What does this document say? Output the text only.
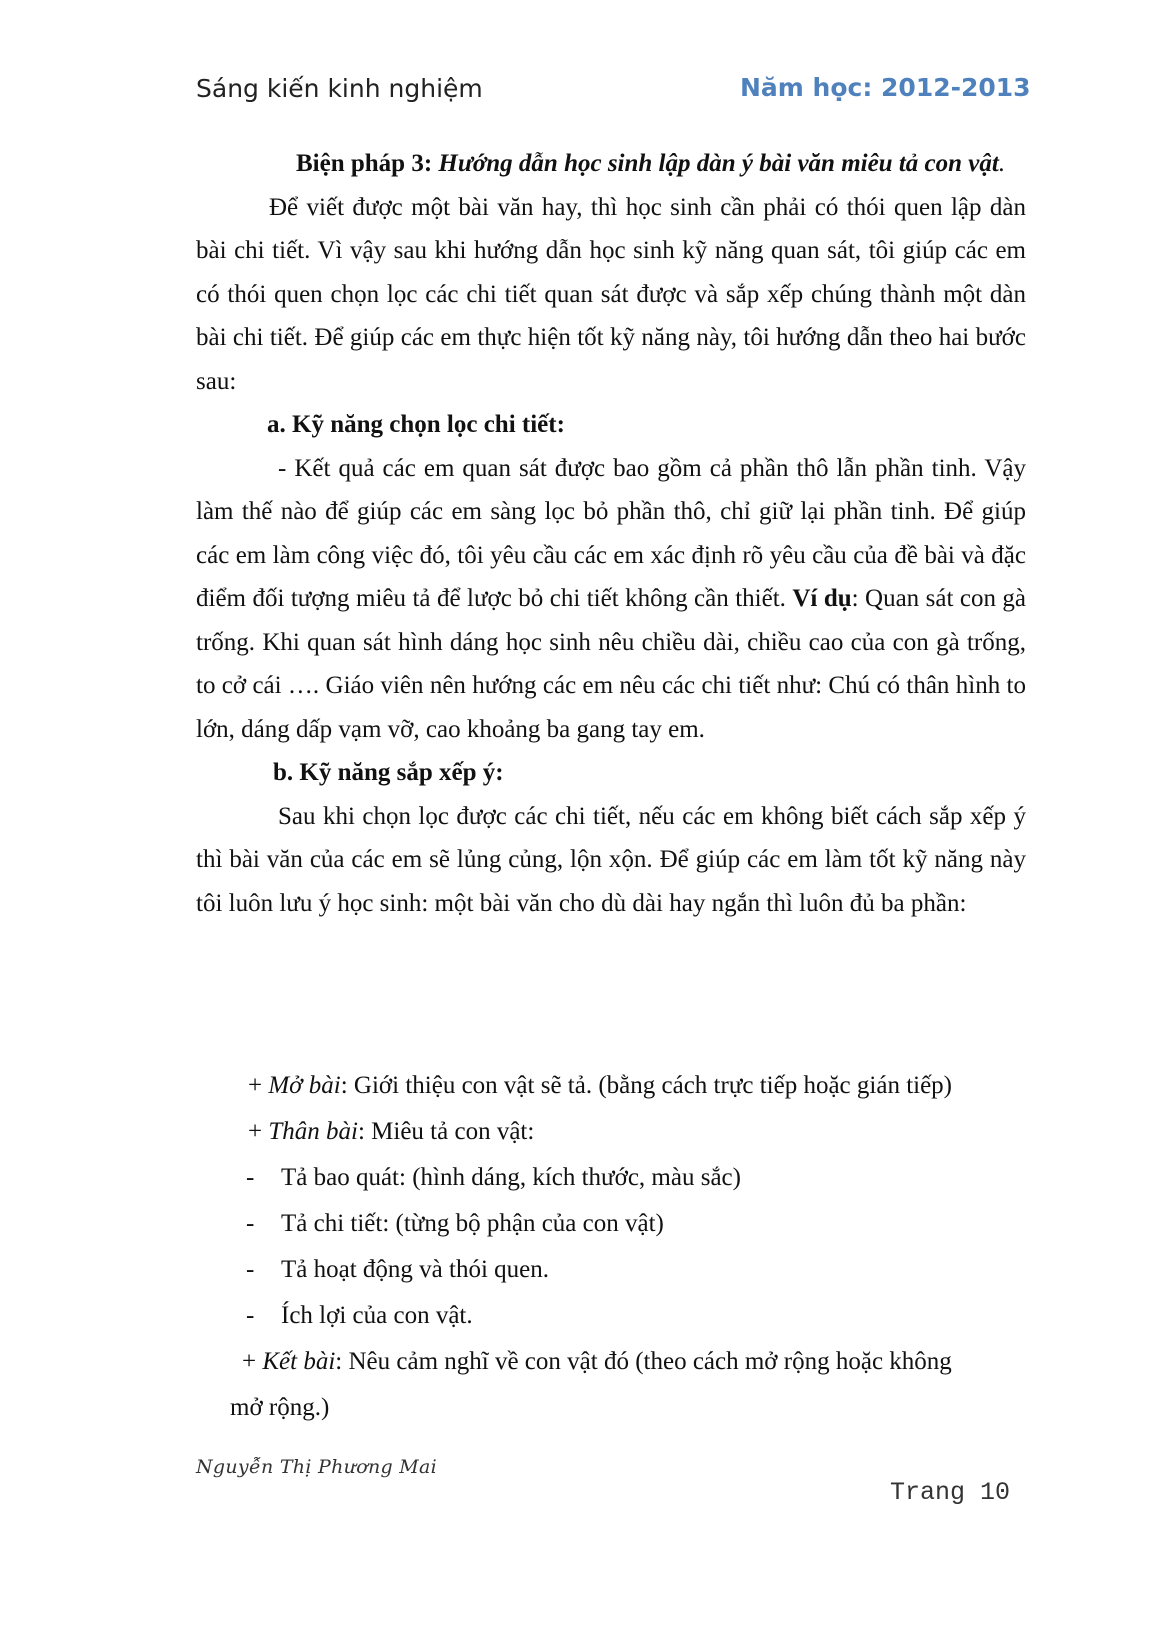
Sáng kiến kinh nghiệm	Năm học: 2012-2013

Biện pháp 3: Hướng dẫn học sinh lập dàn ý bài văn miêu tả con vật.

Để viết được một bài văn hay, thì học sinh cần phải có thói quen lập dàn bài chi tiết. Vì vậy sau khi hướng dẫn học sinh kỹ năng quan sát, tôi giúp các em có thói quen chọn lọc các chi tiết quan sát được và sắp xếp chúng thành một dàn bài chi tiết. Để giúp các em thực hiện tốt kỹ năng này, tôi hướng dẫn theo hai bước sau:

a. Kỹ năng chọn lọc chi tiết:

- Kết quả các em quan sát được bao gồm cả phần thô lẫn phần tinh. Vậy làm thế nào để giúp các em sàng lọc bỏ phần thô, chỉ giữ lại phần tinh. Để giúp các em làm công việc đó, tôi yêu cầu các em xác định rõ yêu cầu của đề bài và đặc điểm đối tượng miêu tả để lược bỏ chi tiết không cần thiết. Ví dụ: Quan sát con gà trống. Khi quan sát hình dáng học sinh nêu chiều dài, chiều cao của con gà trống, to cở cái …. Giáo viên nên hướng các em nêu các chi tiết như: Chú có thân hình to lớn, dáng dấp vạm vỡ, cao khoảng ba gang tay em.

b. Kỹ năng sắp xếp ý:

Sau khi chọn lọc được các chi tiết, nếu các em không biết cách sắp xếp ý thì bài văn của các em sẽ lủng củng, lộn xộn. Để giúp các em làm tốt kỹ năng này tôi luôn lưu ý học sinh: một bài văn cho dù dài hay ngắn thì luôn đủ ba phần:

+ Mở bài: Giới thiệu con vật sẽ tả. (bằng cách trực tiếp hoặc gián tiếp)
+ Thân bài: Miêu tả con vật:
- Tả bao quát: (hình dáng, kích thước, màu sắc)
- Tả chi tiết: (từng bộ phận của con vật)
- Tả hoạt động và thói quen.
- Ích lợi của con vật.
+ Kết bài: Nêu cảm nghĩ về con vật đó (theo cách mở rộng hoặc không
mở rộng.)
Nguyễn Thị Phương Mai
Trang 10
